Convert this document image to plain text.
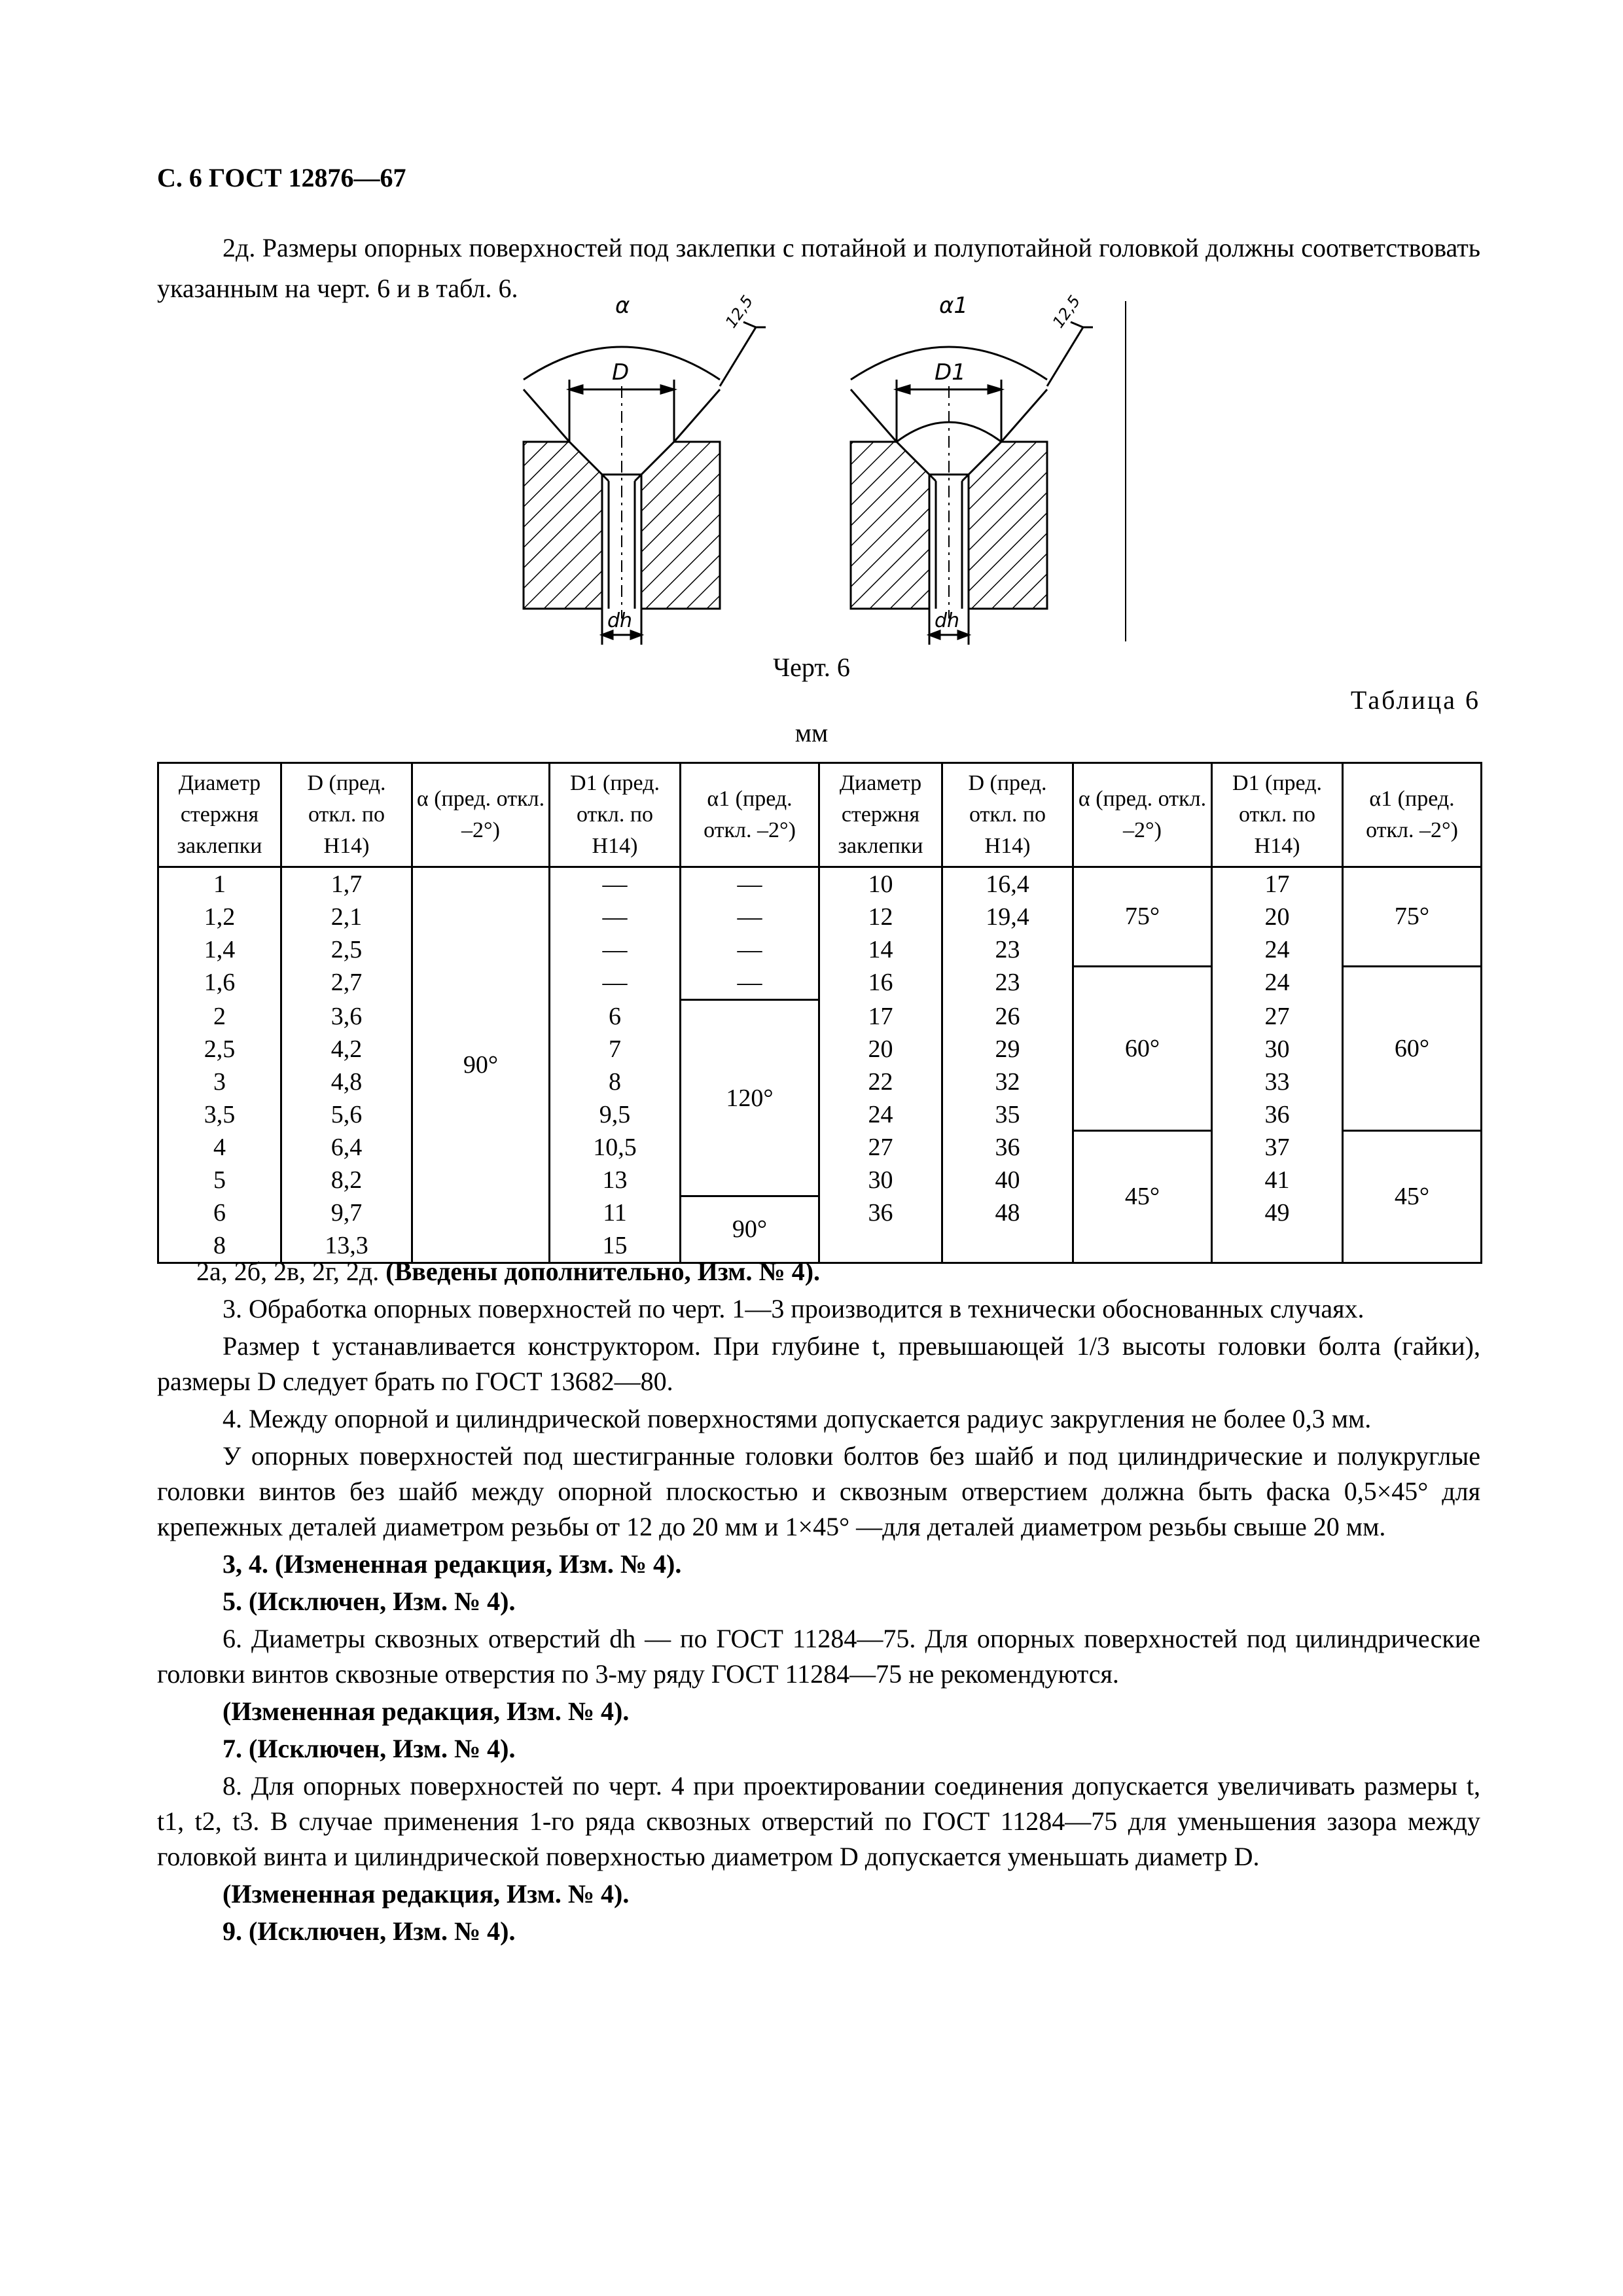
С. 6 ГОСТ 12876—67

2д. Размеры опорных поверхностей под заклепки с потайной и полупотайной головкой должны соответствовать указанным на черт. 6 и в табл. 6.

α
D
dh
12,5	α1
D1
dh
12,5
Черт. 6
Таблица 6
мм
Диаметр стержня заклепки	D (пред. откл. по H14)	α (пред. откл. –2°)	D1 (пред. откл. по H14)	α1 (пред. откл. –2°)	Диаметр стержня заклепки	D (пред. откл. по H14)	α (пред. откл. –2°)	D1 (пред. откл. по H14)	α1 (пред. откл. –2°)
1	1,7	90°	—	—	10	16,4	75°	17	75°
1,2	2,1		—	—	12	19,4		20	
1,4	2,5		—	—	14	23		24	
1,6	2,7		—	—	16	23	60°	24	60°
2	3,6		6	120°	17	26		27	
2,5	4,2		7		20	29		30	
3	4,8		8		22	32		33	
3,5	5,6		9,5		24	35		36	
4	6,4		10,5		27	36	45°	37	45°
5	8,2		13		30	40		41	
6	9,7		11	90°	36	48		49	
8	13,3		15						

2а, 2б, 2в, 2г, 2д. (Введены дополнительно, Изм. № 4).

3. Обработка опорных поверхностей по черт. 1—3 производится в технически обоснованных случаях.

Размер t устанавливается конструктором. При глубине t, превышающей 1/3 высоты головки болта (гайки), размеры D следует брать по ГОСТ 13682—80.

4. Между опорной и цилиндрической поверхностями допускается радиус закругления не более 0,3 мм.

У опорных поверхностей под шестигранные головки болтов без шайб и под цилиндрические и полукруглые головки винтов без шайб между опорной плоскостью и сквозным отверстием должна быть фаска 0,5×45° для крепежных деталей диаметром резьбы от 12 до 20 мм и 1×45° —для деталей диаметром резьбы свыше 20 мм.

3, 4. (Измененная редакция, Изм. № 4).

5. (Исключен, Изм. № 4).

6. Диаметры сквозных отверстий dh — по ГОСТ 11284—75. Для опорных поверхностей под цилиндрические головки винтов сквозные отверстия по 3-му ряду ГОСТ 11284—75 не рекомендуются.

(Измененная редакция, Изм. № 4).

7. (Исключен, Изм. № 4).

8. Для опорных поверхностей по черт. 4 при проектировании соединения допускается увеличивать размеры t, t1, t2, t3. В случае применения 1-го ряда сквозных отверстий по ГОСТ 11284—75 для уменьшения зазора между головкой винта и цилиндрической поверхностью диаметром D допускается уменьшать диаметр D.

(Измененная редакция, Изм. № 4).

9. (Исключен, Изм. № 4).
